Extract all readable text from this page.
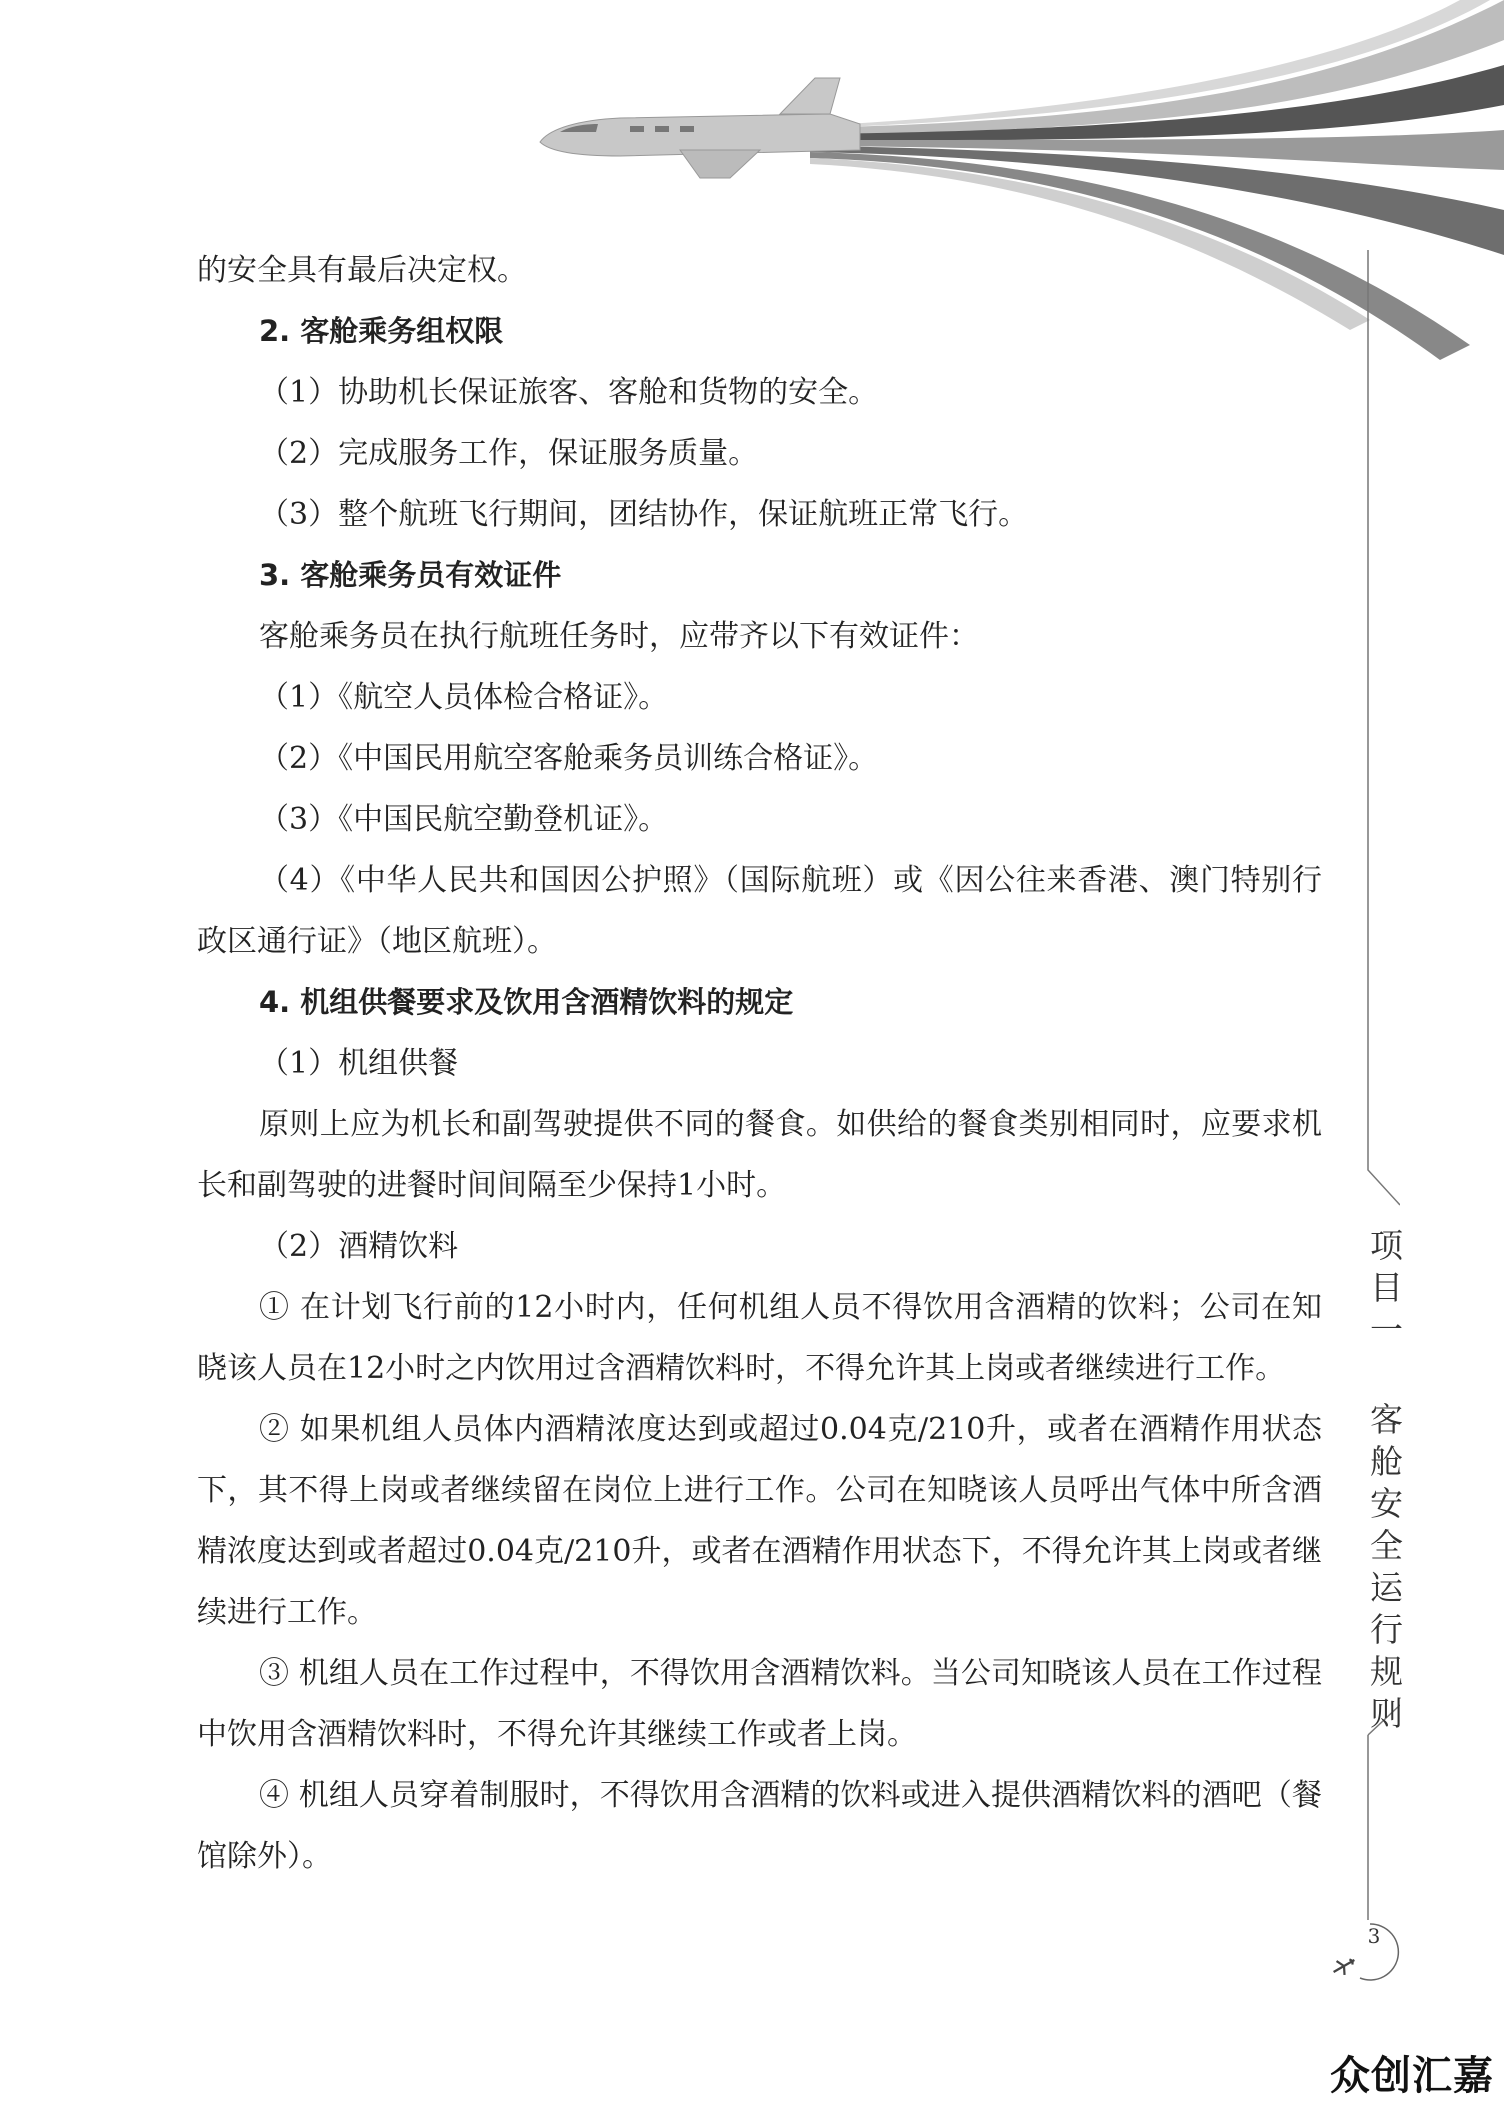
的安全具有最后决定权。

2. 客舱乘务组权限

（1）协助机长保证旅客、客舱和货物的安全。

（2）完成服务工作，保证服务质量。

（3）整个航班飞行期间，团结协作，保证航班正常飞行。

3. 客舱乘务员有效证件

客舱乘务员在执行航班任务时，应带齐以下有效证件：

（1）《航空人员体检合格证》。

（2）《中国民用航空客舱乘务员训练合格证》。

（3）《中国民航空勤登机证》。

（4）《中华人民共和国因公护照》（国际航班）或《因公往来香港、澳门特别行政区通行证》（地区航班）。

4. 机组供餐要求及饮用含酒精饮料的规定

（1）机组供餐

原则上应为机长和副驾驶提供不同的餐食。如供给的餐食类别相同时，应要求机长和副驾驶的进餐时间间隔至少保持1小时。

（2）酒精饮料

① 在计划飞行前的12小时内，任何机组人员不得饮用含酒精的饮料；公司在知晓该人员在12小时之内饮用过含酒精饮料时，不得允许其上岗或者继续进行工作。

② 如果机组人员体内酒精浓度达到或超过0.04克/210升，或者在酒精作用状态下，其不得上岗或者继续留在岗位上进行工作。公司在知晓该人员呼出气体中所含酒精浓度达到或者超过0.04克/210升，或者在酒精作用状态下，不得允许其上岗或者继续进行工作。

③ 机组人员在工作过程中，不得饮用含酒精饮料。当公司知晓该人员在工作过程中饮用含酒精饮料时，不得允许其继续工作或者上岗。

④ 机组人员穿着制服时，不得饮用含酒精的饮料或进入提供酒精饮料的酒吧（餐馆除外）。

项目一 客舱安全运行规则
3
众创汇嘉
